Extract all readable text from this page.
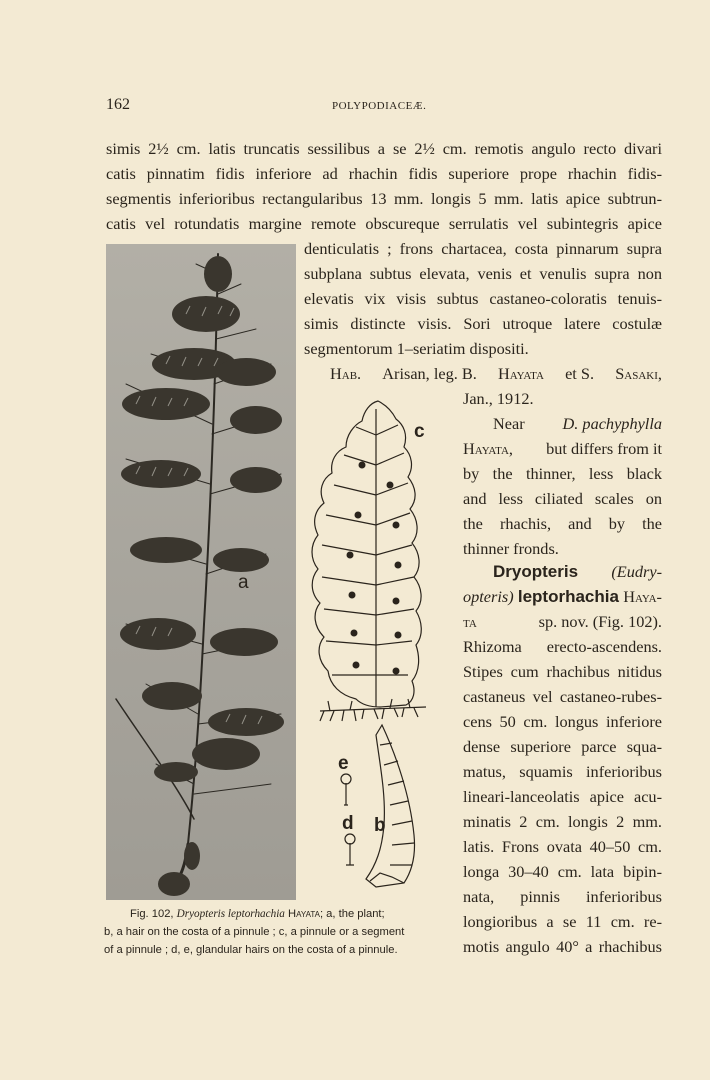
162	POLYPODIACEÆ.
simis 2½ cm. latis truncatis sessilibus a se 2½ cm. remotis angulo recto divari
catis pinnatim fidis inferiore ad rhachin fidis superiore prope rhachin fidis-
segmentis inferioribus rectangularibus 13 mm. longis 5 mm. latis apice subtrun-
catis vel rotundatis margine remote obscureque serrulatis vel subintegris apice
denticulatis ; frons chartacea, costa pinnarum supra
subplana subtus elevata, venis et venulis supra non
elevatis vix visis subtus castaneo-coloratis tenuis-
simis distincte visis. Sori utroque latere costulæ
segmentorum 1–seriatim dispositi.
Hab. Arisan, leg. B. Hayata et S. Sasaki,
Jan., 1912.
Near D. pachyphylla
Hayata, but differs from it
by the thinner, less black
and less ciliated scales on
the rhachis, and by the
thinner fronds.
Dryopteris (Eudry-
opteris) leptorhachia Haya-
ta	sp. nov. (Fig. 102).
Rhizoma erecto-ascendens.
Stipes cum rhachibus nitidus
castaneus vel castaneo-rubes-
cens 50 cm. longus inferiore
dense superiore parce squa-
matus, squamis inferioribus
lineari-lanceolatis apice acu-
minatis 2 cm. longis 2 mm.
latis. Frons ovata 40–50 cm.
longa 30–40 cm. lata bipin-
nata, pinnis inferioribus
longioribus a se 11 cm. re-
motis angulo 40° a rhachibus
a
c
e
d b
Fig. 102, Dryopteris leptorhachia Hayata; a, the plant;
b, a hair on the costa of a pinnule ; c, a pinnule or a segment
of a pinnule ; d, e, glandular hairs on the costa of a pinnule.
